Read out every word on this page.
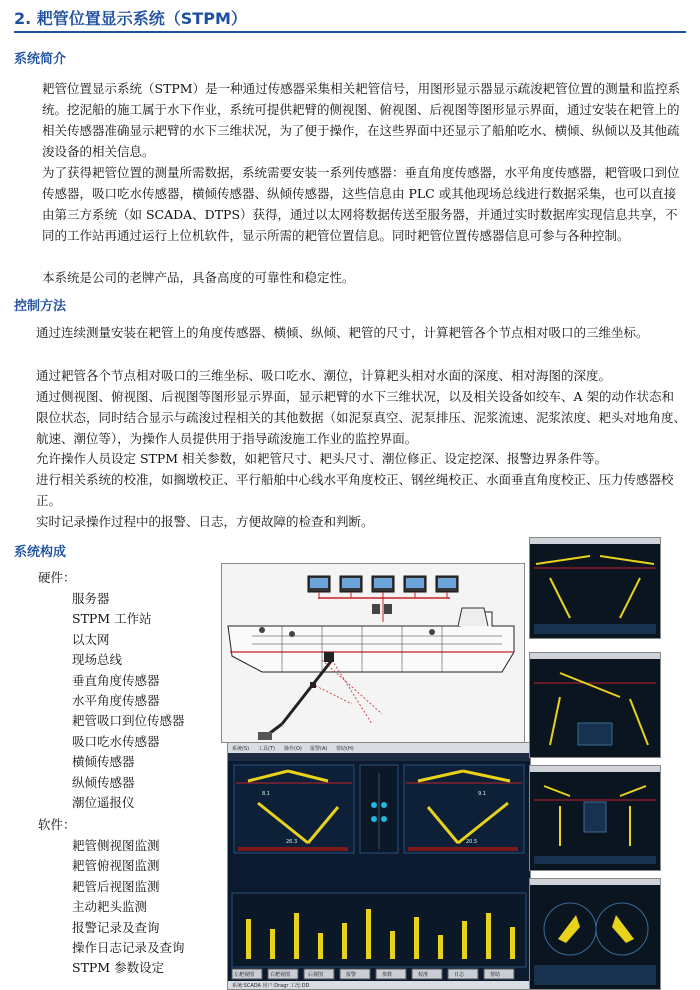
2. 耙管位置显示系统（STPM）
系统简介

耙管位置显示系统（STPM）是一种通过传感器采集相关耙管信号，用图形显示器显示疏浚耙管位置的测量和监控系统。挖泥船的施工属于水下作业，系统可提供耙臂的侧视图、俯视图、后视图等图形显示界面，通过安装在耙管上的相关传感器准确显示耙臂的水下三维状况，为了便于操作，在这些界面中还显示了船舶吃水、横倾、纵倾以及其他疏浚设备的相关信息。

为了获得耙管位置的测量所需数据，系统需要安装一系列传感器：垂直角度传感器，水平角度传感器，耙管吸口到位传感器，吸口吃水传感器，横倾传感器、纵倾传感器，这些信息由 PLC 或其他现场总线进行数据采集，也可以直接由第三方系统（如 SCADA、DTPS）获得，通过以太网将数据传送至服务器，并通过实时数据库实现信息共享，不同的工作站再通过运行上位机软件，显示所需的耙管位置信息。同时耙管位置传感器信息可参与各种控制。

本系统是公司的老牌产品，具备高度的可靠性和稳定性。

控制方法

通过连续测量安装在耙管上的角度传感器、横倾、纵倾、耙管的尺寸，计算耙管各个节点相对吸口的三维坐标。

通过耙管各个节点相对吸口的三维坐标、吸口吃水、潮位，计算耙头相对水面的深度、相对海图的深度。

通过侧视图、俯视图、后视图等图形显示界面，显示耙臂的水下三维状况，以及相关设备如绞车、A 架的动作状态和限位状态，同时结合显示与疏浚过程相关的其他数据（如泥泵真空、泥泵排压、泥浆流速、泥浆浓度、耙头对地角度、航速、潮位等），为操作人员提供用于指导疏浚施工作业的监控界面。

允许操作人员设定 STPM 相关参数，如耙管尺寸、耙头尺寸、潮位修正、设定挖深、报警边界条件等。

进行相关系统的校准，如搁墩校正、平行船舶中心线水平角度校正、钢丝绳校正、水面垂直角度校正、压力传感器校正。

实时记录操作过程中的报警、日志，方便故障的检查和判断。

系统构成
硬件：
服务器
STPM 工作站
以太网
现场总线
垂直角度传感器
水平角度传感器
耙管吸口到位传感器
吸口吃水传感器
横倾传感器
纵倾传感器
潮位遥报仪
软件：
耙管侧视图监测
耙管俯视图监测
耙管后视图监测
主动耙头监测
报警记录及查询
操作日志记录及查询
STPM 参数设定
系统(S) 工具(T) 操作(O) 报警(A) 帮助(H)
8.1	9.1
26.3	20.5
左耙视图	右耙视图	后视图	报警	参数	校准	日志	帮助
系统:SCADA 用户:Dragr 工况:DD
